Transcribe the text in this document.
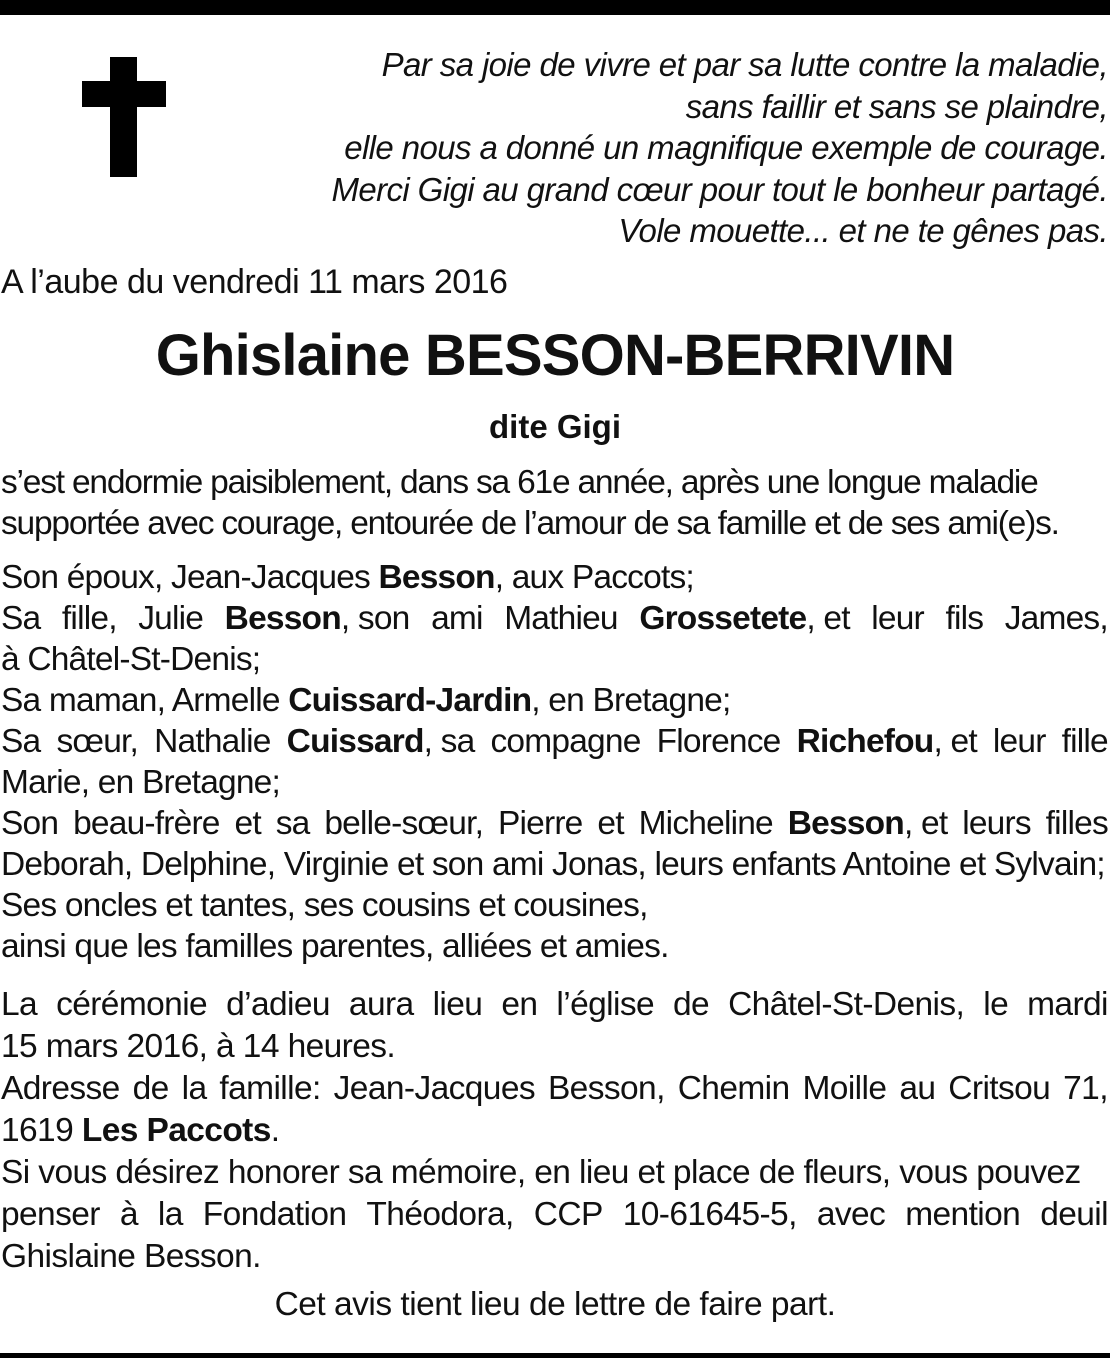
Par sa joie de vivre et par sa lutte contre la maladie,
sans faillir et sans se plaindre,
elle nous a donné un magnifique exemple de courage.
Merci Gigi au grand cœur pour tout le bonheur partagé.
Vole mouette... et ne te gênes pas.
A l’aube du vendredi 11 mars 2016
Ghislaine BESSON-BERRIVIN
dite Gigi
s’est endormie paisiblement, dans sa 61e année, après une longue maladie
supportée avec courage, entourée de l’amour de sa famille et de ses ami(e)s.
Son époux, Jean-Jacques Besson, aux Paccots;
Sa fille, Julie Besson, son ami Mathieu Grossetete, et leur fils James,
à Châtel-St-Denis;
Sa maman, Armelle Cuissard-Jardin, en Bretagne;
Sa sœur, Nathalie Cuissard, sa compagne Florence Richefou, et leur fille
Marie, en Bretagne;
Son beau-frère et sa belle-sœur, Pierre et Micheline Besson, et leurs filles
Deborah, Delphine, Virginie et son ami Jonas, leurs enfants Antoine et Sylvain;
Ses oncles et tantes, ses cousins et cousines,
ainsi que les familles parentes, alliées et amies.
La cérémonie d’adieu aura lieu en l’église de Châtel-St-Denis, le mardi
15 mars 2016, à 14 heures.
Adresse de la famille: Jean-Jacques Besson, Chemin Moille au Critsou 71,
1619 Les Paccots.
Si vous désirez honorer sa mémoire, en lieu et place de fleurs, vous pouvez
penser à la Fondation Théodora, CCP 10-61645-5, avec mention deuil
Ghislaine Besson.
Cet avis tient lieu de lettre de faire part.
